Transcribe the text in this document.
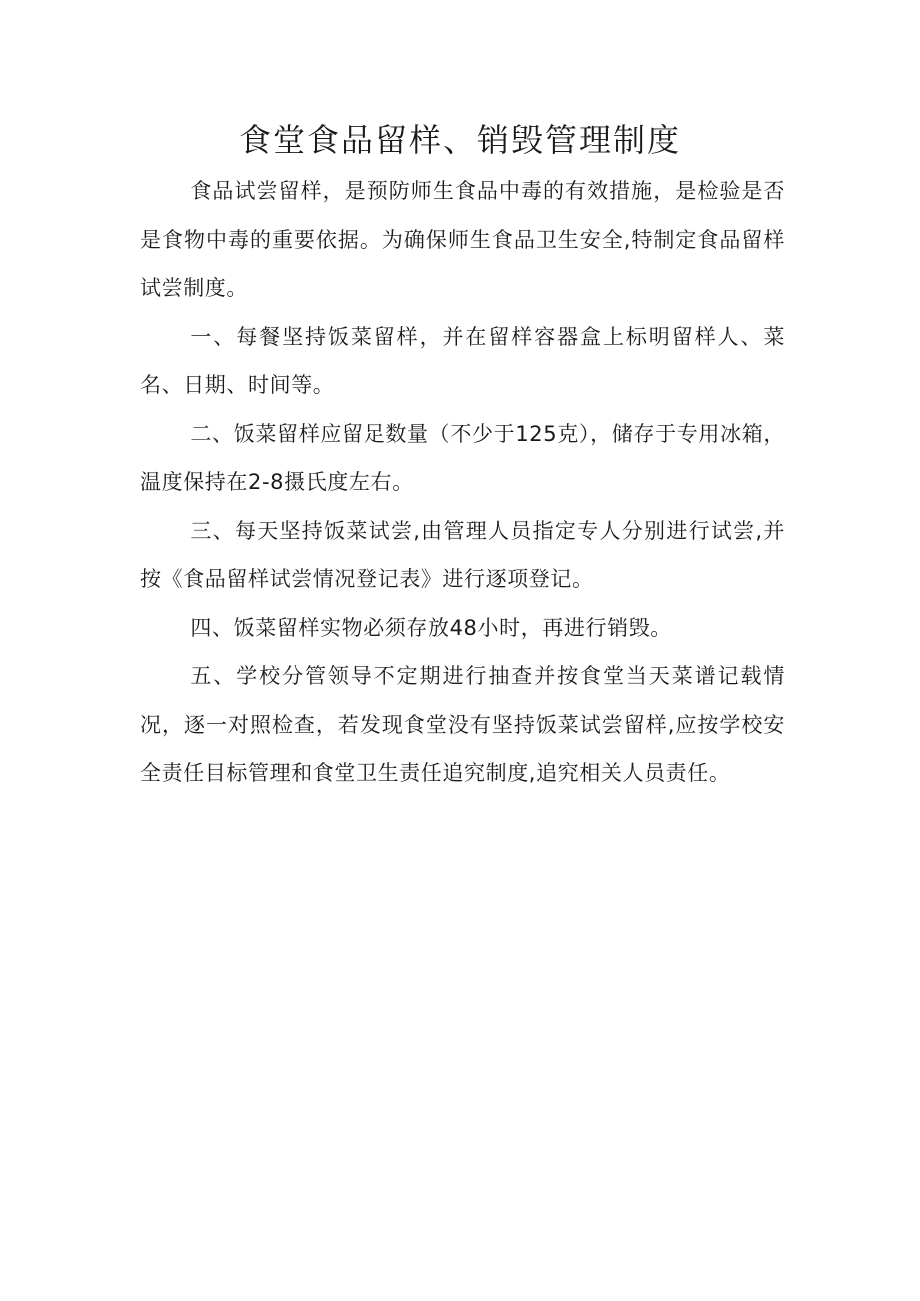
食堂食品留样、销毁管理制度

食品试尝留样，是预防师生食品中毒的有效措施，是检验是否是食物中毒的重要依据。为确保师生食品卫生安全,特制定食品留样试尝制度。

一、每餐坚持饭菜留样，并在留样容器盒上标明留样人、菜名、日期、时间等。

二、饭菜留样应留足数量（不少于125克），储存于专用冰箱，温度保持在2-8摄氏度左右。

三、每天坚持饭菜试尝,由管理人员指定专人分别进行试尝,并按《食品留样试尝情况登记表》进行逐项登记。

四、饭菜留样实物必须存放48小时，再进行销毁。

五、学校分管领导不定期进行抽查并按食堂当天菜谱记载情况，逐一对照检查，若发现食堂没有坚持饭菜试尝留样,应按学校安全责任目标管理和食堂卫生责任追究制度,追究相关人员责任。
